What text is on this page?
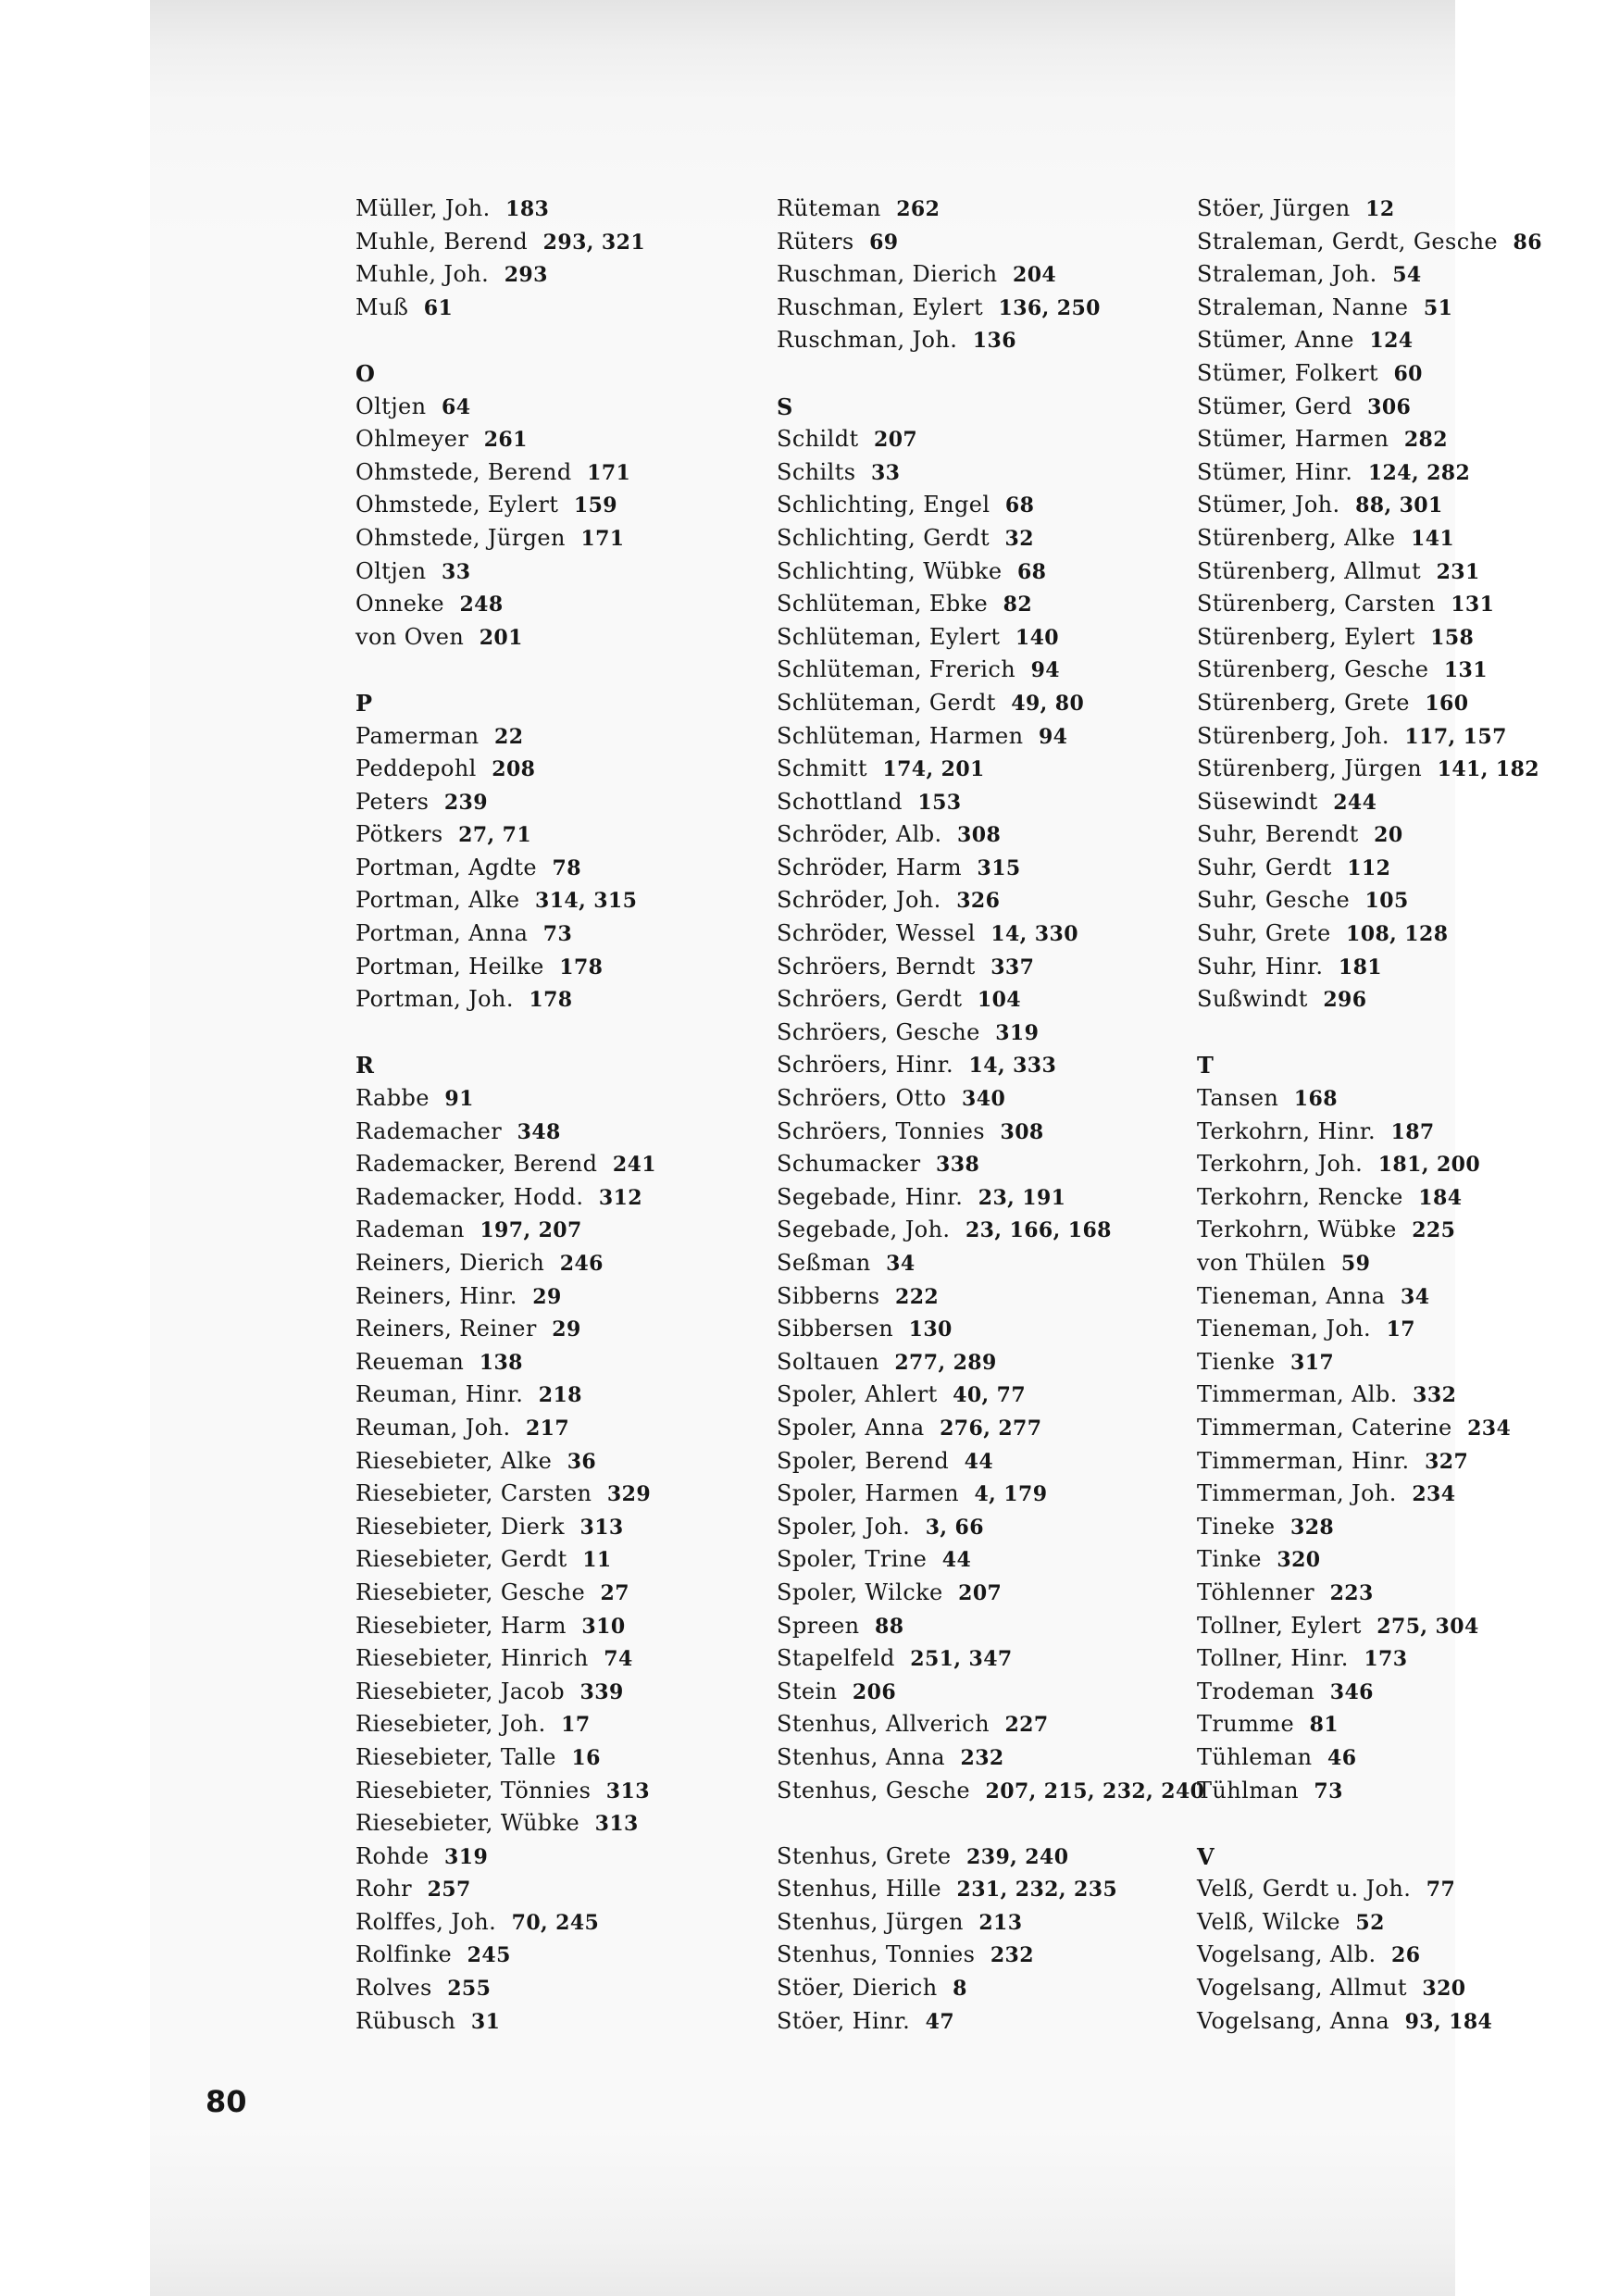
Müller, Joh. 183
Muhle, Berend 293, 321
Muhle, Joh. 293
Muß 61
O
Oltjen 64
Ohlmeyer 261
Ohmstede, Berend 171
Ohmstede, Eylert 159
Ohmstede, Jürgen 171
Oltjen 33
Onneke 248
von Oven 201
P
Pamerman 22
Peddepohl 208
Peters 239
Pötkers 27, 71
Portman, Agdte 78
Portman, Alke 314, 315
Portman, Anna 73
Portman, Heilke 178
Portman, Joh. 178
R
Rabbe 91
Rademacher 348
Rademacker, Berend 241
Rademacker, Hodd. 312
Rademan 197, 207
Reiners, Dierich 246
Reiners, Hinr. 29
Reiners, Reiner 29
Reueman 138
Reuman, Hinr. 218
Reuman, Joh. 217
Riesebieter, Alke 36
Riesebieter, Carsten 329
Riesebieter, Dierk 313
Riesebieter, Gerdt 11
Riesebieter, Gesche 27
Riesebieter, Harm 310
Riesebieter, Hinrich 74
Riesebieter, Jacob 339
Riesebieter, Joh. 17
Riesebieter, Talle 16
Riesebieter, Tönnies 313
Riesebieter, Wübke 313
Rohde 319
Rohr 257
Rolffes, Joh. 70, 245
Rolfinke 245
Rolves 255
Rübusch 31
Rüteman 262
Rüters 69
Ruschman, Dierich 204
Ruschman, Eylert 136, 250
Ruschman, Joh. 136
S
Schildt 207
Schilts 33
Schlichting, Engel 68
Schlichting, Gerdt 32
Schlichting, Wübke 68
Schlüteman, Ebke 82
Schlüteman, Eylert 140
Schlüteman, Frerich 94
Schlüteman, Gerdt 49, 80
Schlüteman, Harmen 94
Schmitt 174, 201
Schottland 153
Schröder, Alb. 308
Schröder, Harm 315
Schröder, Joh. 326
Schröder, Wessel 14, 330
Schröers, Berndt 337
Schröers, Gerdt 104
Schröers, Gesche 319
Schröers, Hinr. 14, 333
Schröers, Otto 340
Schröers, Tonnies 308
Schumacker 338
Segebade, Hinr. 23, 191
Segebade, Joh. 23, 166, 168
Seßman 34
Sibberns 222
Sibbersen 130
Soltauen 277, 289
Spoler, Ahlert 40, 77
Spoler, Anna 276, 277
Spoler, Berend 44
Spoler, Harmen 4, 179
Spoler, Joh. 3, 66
Spoler, Trine 44
Spoler, Wilcke 207
Spreen 88
Stapelfeld 251, 347
Stein 206
Stenhus, Allverich 227
Stenhus, Anna 232
Stenhus, Gesche 207, 215, 232, 240
Stenhus, Grete 239, 240
Stenhus, Hille 231, 232, 235
Stenhus, Jürgen 213
Stenhus, Tonnies 232
Stöer, Dierich 8
Stöer, Hinr. 47
Stöer, Jürgen 12
Straleman, Gerdt, Gesche 86
Straleman, Joh. 54
Straleman, Nanne 51
Stümer, Anne 124
Stümer, Folkert 60
Stümer, Gerd 306
Stümer, Harmen 282
Stümer, Hinr. 124, 282
Stümer, Joh. 88, 301
Stürenberg, Alke 141
Stürenberg, Allmut 231
Stürenberg, Carsten 131
Stürenberg, Eylert 158
Stürenberg, Gesche 131
Stürenberg, Grete 160
Stürenberg, Joh. 117, 157
Stürenberg, Jürgen 141, 182
Süsewindt 244
Suhr, Berendt 20
Suhr, Gerdt 112
Suhr, Gesche 105
Suhr, Grete 108, 128
Suhr, Hinr. 181
Sußwindt 296
T
Tansen 168
Terkohrn, Hinr. 187
Terkohrn, Joh. 181, 200
Terkohrn, Rencke 184
Terkohrn, Wübke 225
von Thülen 59
Tieneman, Anna 34
Tieneman, Joh. 17
Tienke 317
Timmerman, Alb. 332
Timmerman, Caterine 234
Timmerman, Hinr. 327
Timmerman, Joh. 234
Tineke 328
Tinke 320
Töhlenner 223
Tollner, Eylert 275, 304
Tollner, Hinr. 173
Trodeman 346
Trumme 81
Tühleman 46
Tühlman 73
V
Velß, Gerdt u. Joh. 77
Velß, Wilcke 52
Vogelsang, Alb. 26
Vogelsang, Allmut 320
Vogelsang, Anna 93, 184
80
